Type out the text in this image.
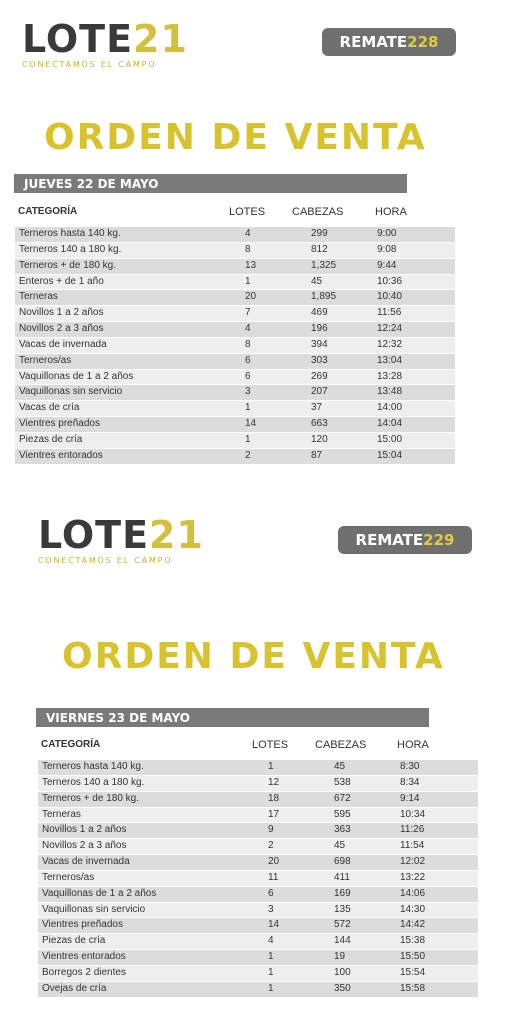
LOTE21
CONECTAMOS EL CAMPO
REMATE228
ORDEN DE VENTA
JUEVES 22 DE MAYO
CATEGORÍA	LOTES CABEZAS	HORA
Terneros hasta 140 kg.	4	299	9:00
Terneros 140 a 180 kg.	8	812	9:08
Terneros + de 180 kg.	13	1,325	9:44
Enteros + de 1 año	1	45	10:36
Terneras	20	1,895	10:40
Novillos 1 a 2 años	7	469	11:56
Novillos 2 a 3 años	4	196	12:24
Vacas de invernada	8	394	12:32
Terneros/as	6	303	13:04
Vaquillonas de 1 a 2 años	6	269	13:28
Vaquillonas sin servicio	3	207	13:48
Vacas de cría	1	37	14:00
Vientres preñados	14	663	14:04
Piezas de cría	1	120	15:00
Vientres entorados	2	87	15:04
LOTE21
CONECTAMOS EL CAMPO
REMATE229
ORDEN DE VENTA
VIERNES 23 DE MAYO
CATEGORÍA	LOTES CABEZAS	HORA
Terneros hasta 140 kg.	1	45	8:30
Terneros 140 a 180 kg.	12	538	8:34
Terneros + de 180 kg.	18	672	9:14
Terneras	17	595	10:34
Novillos 1 a 2 años	9	363	11:26
Novillos 2 a 3 años	2	45	11:54
Vacas de invernada	20	698	12:02
Terneros/as	11	411	13:22
Vaquillonas de 1 a 2 años	6	169	14:06
Vaquillonas sin servicio	3	135	14:30
Vientres preñados	14	572	14:42
Piezas de cría	4	144	15:38
Vientres entorados	1	19	15:50
Borregos 2 dientes	1	100	15:54
Ovejas de cría	1	350	15:58
